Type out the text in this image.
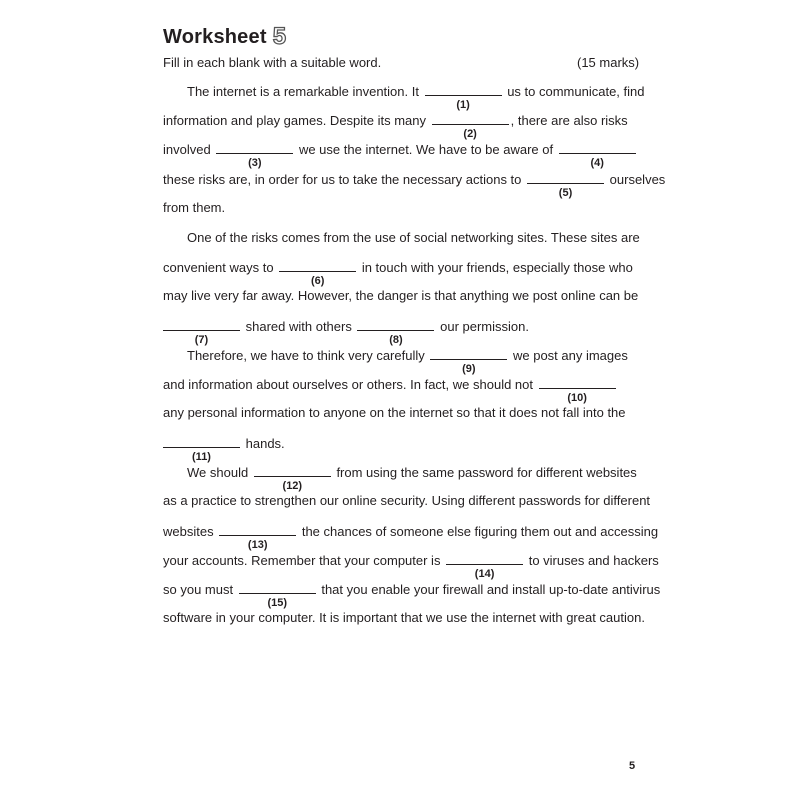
Worksheet 5
Fill in each blank with a suitable word.	(15 marks)
The internet is a remarkable invention. It
(1)
us to communicate, find
information and play games. Despite its many
(2)
, there are also risks
involved
(3)
we use the internet. We have to be aware of
(4)
these risks are, in order for us to take the necessary actions to
(5)
ourselves
from them.
One of the risks comes from the use of social networking sites. These sites are
convenient ways to
(6)
in touch with your friends, especially those who
may live very far away. However, the danger is that anything we post online can be
(7)
shared with others
(8)
our permission.
Therefore, we have to think very carefully
(9)
we post any images
and information about ourselves or others. In fact, we should not
(10)
any personal information to anyone on the internet so that it does not fall into the
(11)
hands.
We should
(12)
from using the same password for different websites
as a practice to strengthen our online security. Using different passwords for different
websites
(13)
the chances of someone else figuring them out and accessing
your accounts. Remember that your computer is
(14)
to viruses and hackers
so you must
(15)
that you enable your firewall and install up-to-date antivirus
software in your computer. It is important that we use the internet with great caution.
5
